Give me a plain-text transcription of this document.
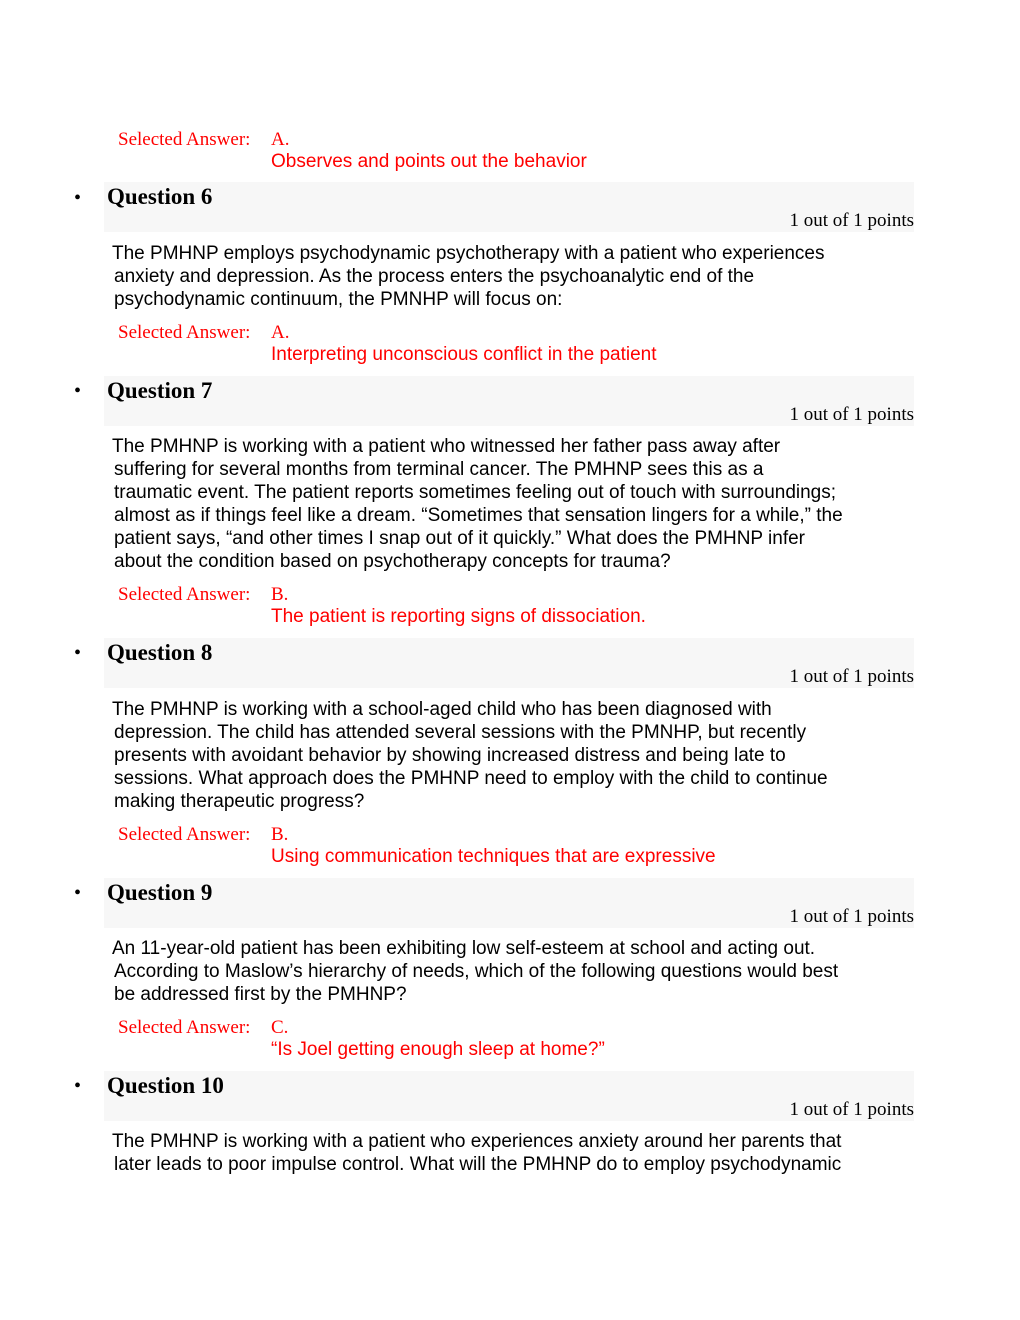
Selected Answer: A.
Observes and points out the behavior
• Question 6
1 out of 1 points
The PMHNP employs psychodynamic psychotherapy with a patient who experiences
anxiety and depression. As the process enters the psychoanalytic end of the
psychodynamic continuum, the PMNHP will focus on:
Selected Answer: A.
Interpreting unconscious conflict in the patient
• Question 7
1 out of 1 points
The PMHNP is working with a patient who witnessed her father pass away after
suffering for several months from terminal cancer. The PMHNP sees this as a
traumatic event. The patient reports sometimes feeling out of touch with surroundings;
almost as if things feel like a dream. “Sometimes that sensation lingers for a while,” the
patient says, “and other times I snap out of it quickly.” What does the PMHNP infer
about the condition based on psychotherapy concepts for trauma?
Selected Answer: B.
The patient is reporting signs of dissociation.
• Question 8
1 out of 1 points
The PMHNP is working with a school-aged child who has been diagnosed with
depression. The child has attended several sessions with the PMNHP, but recently
presents with avoidant behavior by showing increased distress and being late to
sessions. What approach does the PMHNP need to employ with the child to continue
making therapeutic progress?
Selected Answer: B.
Using communication techniques that are expressive
• Question 9
1 out of 1 points
An 11-year-old patient has been exhibiting low self-esteem at school and acting out.
According to Maslow’s hierarchy of needs, which of the following questions would best
be addressed first by the PMHNP?
Selected Answer: C.
“Is Joel getting enough sleep at home?”
• Question 10
1 out of 1 points
The PMHNP is working with a patient who experiences anxiety around her parents that
later leads to poor impulse control. What will the PMHNP do to employ psychodynamic
